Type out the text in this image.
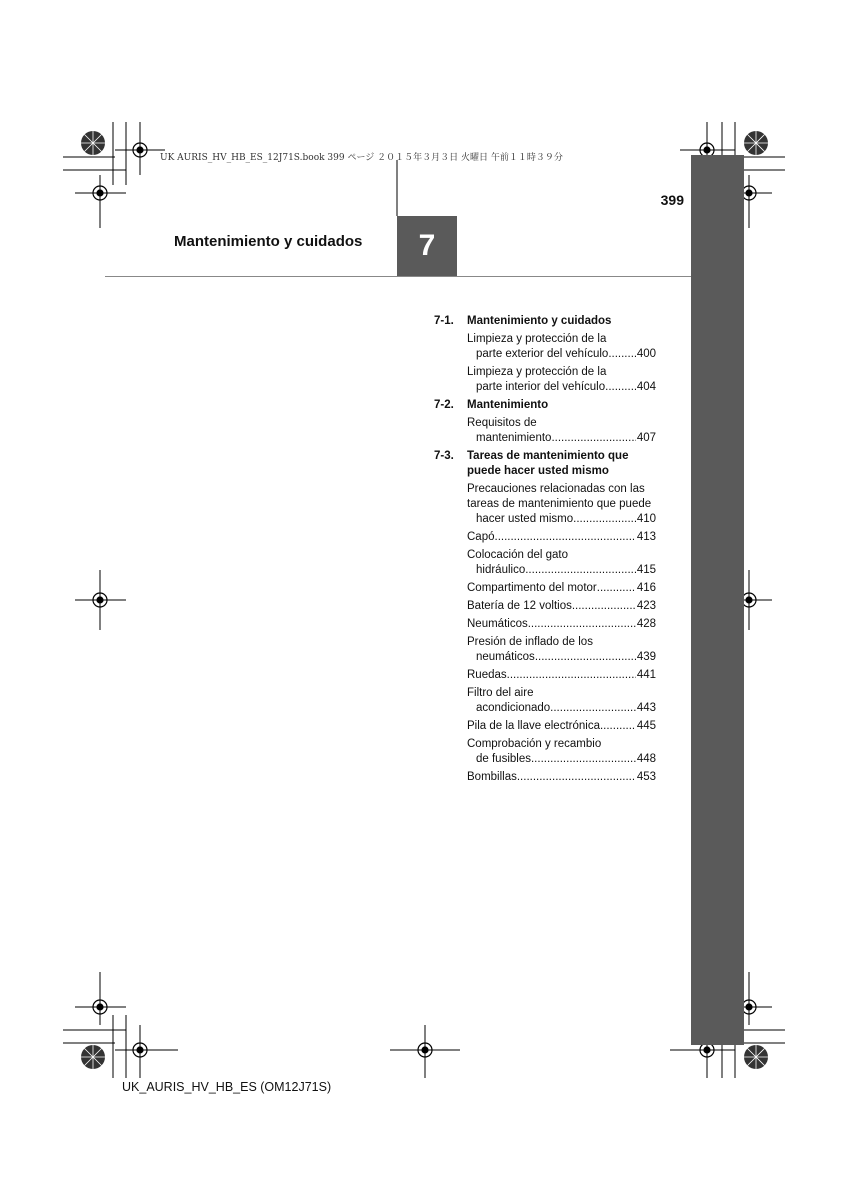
UK AURIS_HV_HB_ES_12J71S.book 399 ページ ２０１５年３月３日 火曜日 午前１１時３９分
399
Mantenimiento y cuidados	7
7-1. Mantenimiento y cuidados
Limpieza y protección de la
parte exterior del vehículo ..... 400
Limpieza y protección de la
parte interior del vehículo .....	404
7-2. Mantenimiento
Requisitos de
mantenimiento .....	407
7-3. Tareas de mantenimiento que puede hacer usted mismo
Precauciones relacionadas con las tareas de mantenimiento que puede
hacer usted mismo .....	410
Capó .....	413
Colocación del gato
hidráulico .....	415
Compartimento del motor .....	416
Batería de 12 voltios .....	423
Neumáticos .....	428
Presión de inflado de los
neumáticos .....	439
Ruedas .....	441
Filtro del aire
acondicionado .....	443
Pila de la llave electrónica .....	445
Comprobación y recambio
de fusibles .....	448
Bombillas .....	453
UK_AURIS_HV_HB_ES (OM12J71S)
